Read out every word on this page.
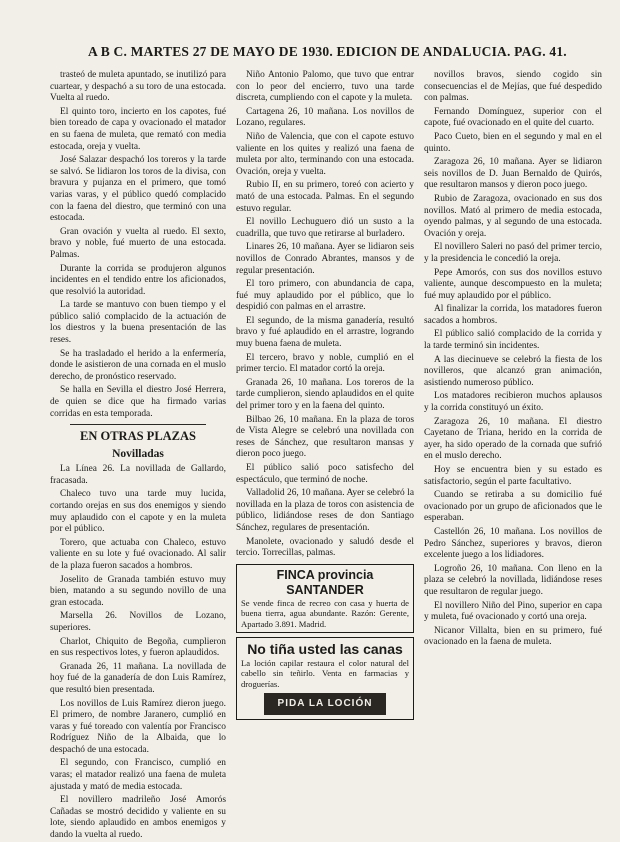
A B C. MARTES 27 DE MAYO DE 1930. EDICION DE ANDALUCIA. PAG. 41.

trasteó de muleta apuntado, se inutilizó para cuartear, y despachó a su toro de una estocada. Vuelta al ruedo.

El quinto toro, incierto en los capotes, fué bien toreado de capa y ovacionado el matador en su faena de muleta, que remató con media estocada, oreja y vuelta.

José Salazar despachó los toreros y la tarde se salvó. Se lidiaron los toros de la divisa, con bravura y pujanza en el primero, que tomó varias varas, y el público quedó complacido con la faena del diestro, que terminó con una estocada.

Gran ovación y vuelta al ruedo. El sexto, bravo y noble, fué muerto de una estocada. Palmas.

Durante la corrida se produjeron algunos incidentes en el tendido entre los aficionados, que resolvió la autoridad.

La tarde se mantuvo con buen tiempo y el público salió complacido de la actuación de los diestros y la buena presentación de las reses.

Se ha trasladado el herido a la enfermería, donde le asistieron de una cornada en el muslo derecho, de pronóstico reservado.

Se halla en Sevilla el diestro José Herrera, de quien se dice que ha firmado varias corridas en esta temporada.

EN OTRAS PLAZAS

Novilladas

La Línea 26. La novillada de Gallardo, fracasada.

Chaleco tuvo una tarde muy lucida, cortando orejas en sus dos enemigos y siendo muy aplaudido con el capote y en la muleta por el público.

Torero, que actuaba con Chaleco, estuvo valiente en su lote y fué ovacionado. Al salir de la plaza fueron sacados a hombros.

Joselito de Granada también estuvo muy bien, matando a su segundo novillo de una gran estocada.

Marsella 26. Novillos de Lozano, superiores.

Charlot, Chiquito de Begoña, cumplieron en sus respectivos lotes, y fueron aplaudidos.

Granada 26, 11 mañana. La novillada de hoy fué de la ganadería de don Luis Ramírez, que resultó bien presentada.

Los novillos de Luis Ramírez dieron juego. El primero, de nombre Jaranero, cumplió en varas y fué toreado con valentía por Francisco Rodríguez Niño de la Albaida, que lo despachó de una estocada.

El segundo, con Francisco, cumplió en varas; el matador realizó una faena de muleta ajustada y mató de media estocada.

El novillero madrileño José Amorós Cañadas se mostró decidido y valiente en su lote, siendo aplaudido en ambos enemigos y dando la vuelta al ruedo.

Niño Antonio Palomo, que tuvo que entrar con lo peor del encierro, tuvo una tarde discreta, cumpliendo con el capote y la muleta.

Cartagena 26, 10 mañana. Los novillos de Lozano, regulares.

Niño de Valencia, que con el capote estuvo valiente en los quites y realizó una faena de muleta por alto, terminando con una estocada. Ovación, oreja y vuelta.

Rubio II, en su primero, toreó con acierto y mató de una estocada. Palmas. En el segundo estuvo regular.

El novillo Lechuguero dió un susto a la cuadrilla, que tuvo que retirarse al burladero.

Linares 26, 10 mañana. Ayer se lidiaron seis novillos de Conrado Abrantes, mansos y de regular presentación.

El toro primero, con abundancia de capa, fué muy aplaudido por el público, que lo despidió con palmas en el arrastre.

El segundo, de la misma ganadería, resultó bravo y fué aplaudido en el arrastre, logrando muy buena faena de muleta.

El tercero, bravo y noble, cumplió en el primer tercio. El matador cortó la oreja.

Granada 26, 10 mañana. Los toreros de la tarde cumplieron, siendo aplaudidos en el quite del primer toro y en la faena del quinto.

Bilbao 26, 10 mañana. En la plaza de toros de Vista Alegre se celebró una novillada con reses de Sánchez, que resultaron mansas y dieron poco juego.

El público salió poco satisfecho del espectáculo, que terminó de noche.

Valladolid 26, 10 mañana. Ayer se celebró la novillada en la plaza de toros con asistencia de público, lidiándose reses de don Santiago Sánchez, regulares de presentación.

Manolete, ovacionado y saludó desde el tercio. Torrecillas, palmas.

FINCA provincia SANTANDER
Se vende finca de recreo con casa y huerta de buena tierra, agua abundante. Razón: Gerente, Apartado 3.891. Madrid.
No tiña usted las canas
La loción capilar restaura el color natural del cabello sin teñirlo. Venta en farmacias y droguerías.
PIDA LA LOCIÓN

novillos bravos, siendo cogido sin consecuencias el de Mejías, que fué despedido con palmas.

Fernando Domínguez, superior con el capote, fué ovacionado en el quite del cuarto.

Paco Cueto, bien en el segundo y mal en el quinto.

Zaragoza 26, 10 mañana. Ayer se lidiaron seis novillos de D. Juan Bernaldo de Quirós, que resultaron mansos y dieron poco juego.

Rubio de Zaragoza, ovacionado en sus dos novillos. Mató al primero de media estocada, oyendo palmas, y al segundo de una estocada. Ovación y oreja.

El novillero Saleri no pasó del primer tercio, y la presidencia le concedió la oreja.

Pepe Amorós, con sus dos novillos estuvo valiente, aunque descompuesto en la muleta; fué muy aplaudido por el público.

Al finalizar la corrida, los matadores fueron sacados a hombros.

El público salió complacido de la corrida y la tarde terminó sin incidentes.

A las diecinueve se celebró la fiesta de los novilleros, que alcanzó gran animación, asistiendo numeroso público.

Los matadores recibieron muchos aplausos y la corrida constituyó un éxito.

Zaragoza 26, 10 mañana. El diestro Cayetano de Triana, herido en la corrida de ayer, ha sido operado de la cornada que sufrió en el muslo derecho.

Hoy se encuentra bien y su estado es satisfactorio, según el parte facultativo.

Cuando se retiraba a su domicilio fué ovacionado por un grupo de aficionados que le esperaban.

Castellón 26, 10 mañana. Los novillos de Pedro Sánchez, superiores y bravos, dieron excelente juego a los lidiadores.

Logroño 26, 10 mañana. Con lleno en la plaza se celebró la novillada, lidiándose reses que resultaron de regular juego.

El novillero Niño del Pino, superior en capa y muleta, fué ovacionado y cortó una oreja.

Nicanor Villalta, bien en su primero, fué ovacionado en la faena de muleta.
